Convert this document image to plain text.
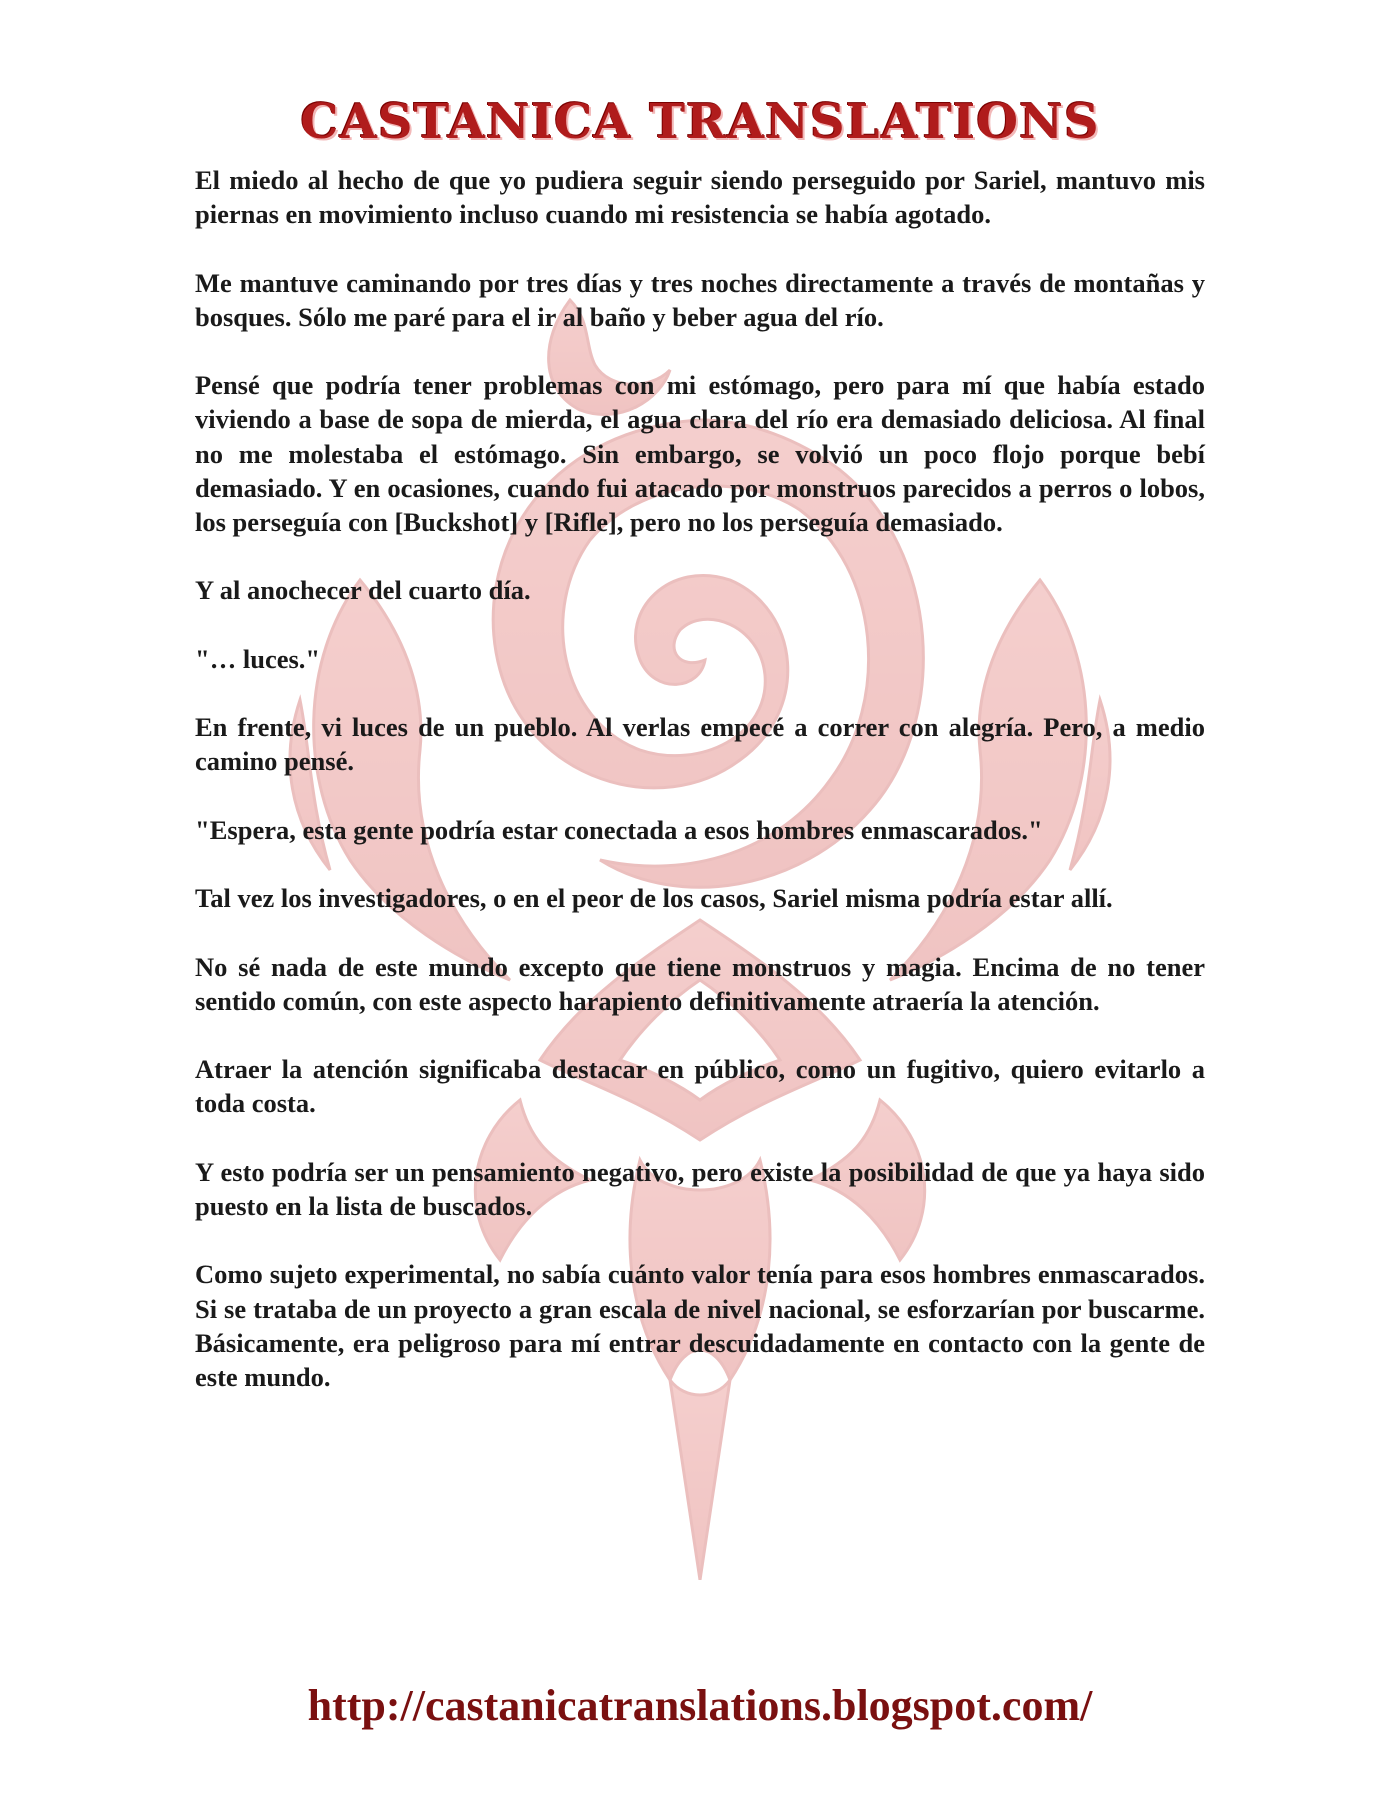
CASTANICA TRANSLATIONS

El miedo al hecho de que yo pudiera seguir siendo perseguido por Sariel, mantuvo mis piernas en movimiento incluso cuando mi resistencia se había agotado.

Me mantuve caminando por tres días y tres noches directamente a través de montañas y bosques. Sólo me paré para el ir al baño y beber agua del río.

Pensé que podría tener problemas con mi estómago, pero para mí que había estado viviendo a base de sopa de mierda, el agua clara del río era demasiado deliciosa. Al final no me molestaba el estómago. Sin embargo, se volvió un poco flojo porque bebí demasiado. Y en ocasiones, cuando fui atacado por monstruos parecidos a perros o lobos, los perseguía con [Buckshot] y [Rifle], pero no los perseguía demasiado.

Y al anochecer del cuarto día.

"… luces."

En frente, vi luces de un pueblo. Al verlas empecé a correr con alegría. Pero, a medio camino pensé.

"Espera, esta gente podría estar conectada a esos hombres enmascarados."

Tal vez los investigadores, o en el peor de los casos, Sariel misma podría estar allí.

No sé nada de este mundo excepto que tiene monstruos y magia. Encima de no tener sentido común, con este aspecto harapiento definitivamente atraería la atención.

Atraer la atención significaba destacar en público, como un fugitivo, quiero evitarlo a toda costa.

Y esto podría ser un pensamiento negativo, pero existe la posibilidad de que ya haya sido puesto en la lista de buscados.

Como sujeto experimental, no sabía cuánto valor tenía para esos hombres enmascarados. Si se trataba de un proyecto a gran escala de nivel nacional, se esforzarían por buscarme. Básicamente, era peligroso para mí entrar descuidadamente en contacto con la gente de este mundo.

http://castanicatranslations.blogspot.com/
